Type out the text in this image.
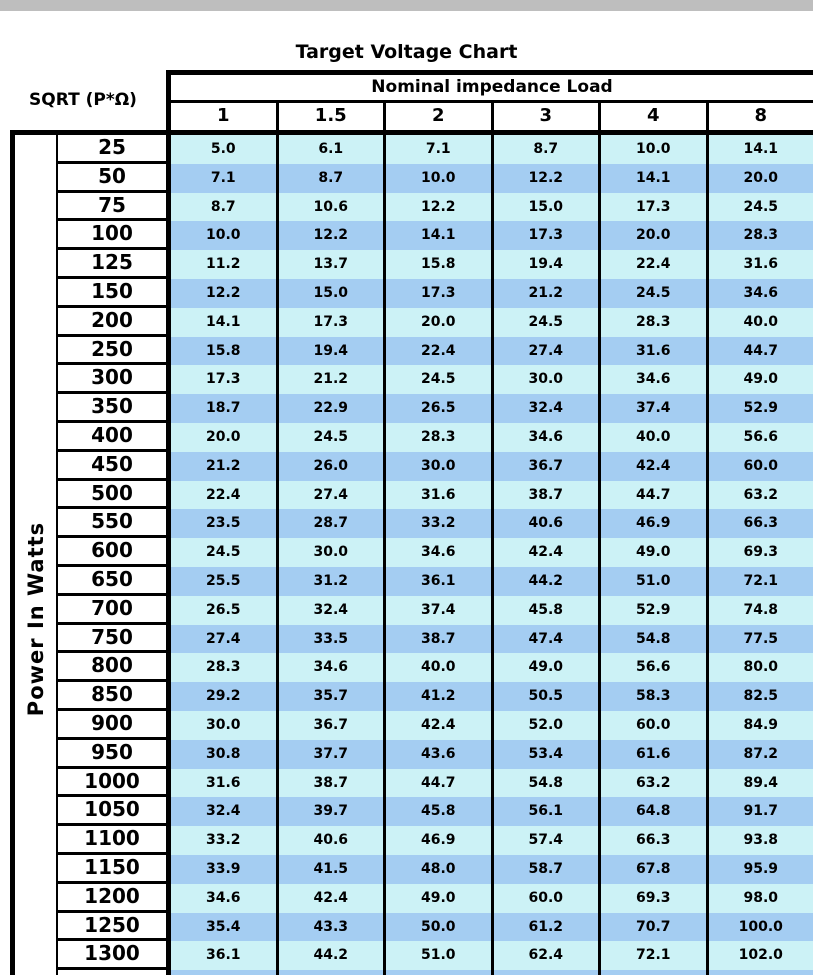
Target Voltage Chart
SQRT (P*Ω)
Nominal impedance Load
1	1.5	2	3	4	8
Power In Watts
25	5.0	6.1	7.1	8.7	10.0	14.1
50	7.1	8.7	10.0	12.2	14.1	20.0
75	8.7	10.6	12.2	15.0	17.3	24.5
100	10.0	12.2	14.1	17.3	20.0	28.3
125	11.2	13.7	15.8	19.4	22.4	31.6
150	12.2	15.0	17.3	21.2	24.5	34.6
200	14.1	17.3	20.0	24.5	28.3	40.0
250	15.8	19.4	22.4	27.4	31.6	44.7
300	17.3	21.2	24.5	30.0	34.6	49.0
350	18.7	22.9	26.5	32.4	37.4	52.9
400	20.0	24.5	28.3	34.6	40.0	56.6
450	21.2	26.0	30.0	36.7	42.4	60.0
500	22.4	27.4	31.6	38.7	44.7	63.2
550	23.5	28.7	33.2	40.6	46.9	66.3
600	24.5	30.0	34.6	42.4	49.0	69.3
650	25.5	31.2	36.1	44.2	51.0	72.1
700	26.5	32.4	37.4	45.8	52.9	74.8
750	27.4	33.5	38.7	47.4	54.8	77.5
800	28.3	34.6	40.0	49.0	56.6	80.0
850	29.2	35.7	41.2	50.5	58.3	82.5
900	30.0	36.7	42.4	52.0	60.0	84.9
950	30.8	37.7	43.6	53.4	61.6	87.2
1000	31.6	38.7	44.7	54.8	63.2	89.4
1050	32.4	39.7	45.8	56.1	64.8	91.7
1100	33.2	40.6	46.9	57.4	66.3	93.8
1150	33.9	41.5	48.0	58.7	67.8	95.9
1200	34.6	42.4	49.0	60.0	69.3	98.0
1250	35.4	43.3	50.0	61.2	70.7	100.0
1300	36.1	44.2	51.0	62.4	72.1	102.0
